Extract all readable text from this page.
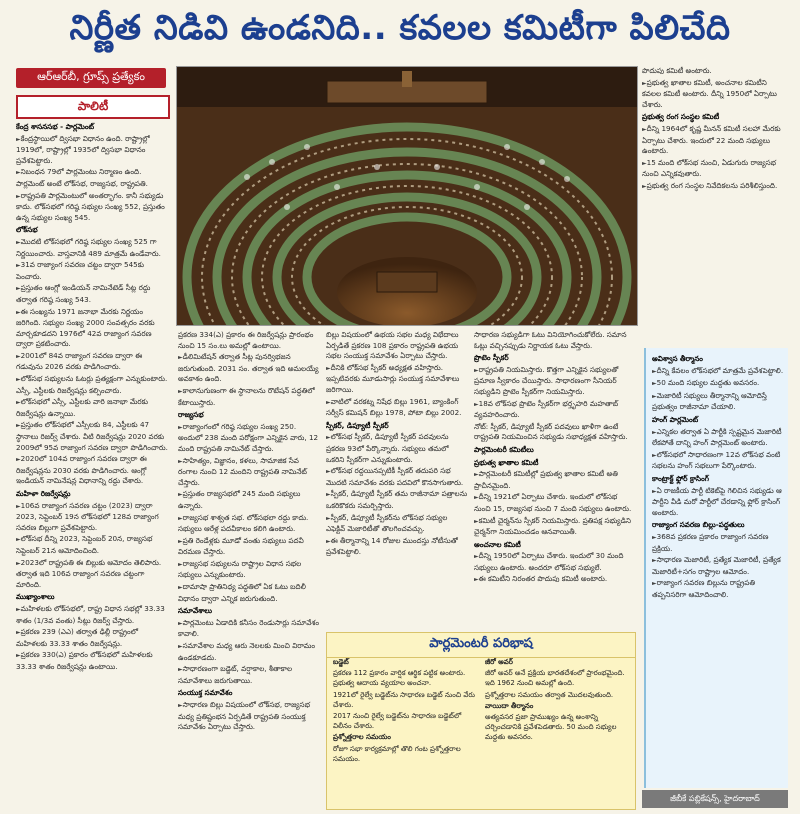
నిర్ణీత నిడివి ఉండనిది.. కవలల కమిటీగా పిలిచేది
ఆర్‌ఆర్‌బీ, గ్రూప్స్ ప్రత్యేకం
పాలిటీ

కేంద్ర శాసనసభ - పార్లమెంట్

► కేంద్రస్థాయిలో ద్విసభా విధానం ఉంది. రాష్ట్రాల్లో 1919లో, రాష్ట్రాల్లో 1935లో ద్విసభా విధానం ప్రవేశపెట్టారు.

► నిబంధన 79లో పార్లమెంటు నిర్మాణం ఉంది. పార్లమెంట్ అంటే లోక్‌సభ, రాజ్యసభ, రాష్ట్రపతి.

► రాష్ట్రపతి పార్లమెంటులో అంతర్భాగం. కానీ సభ్యుడు కాదు. లోక్‌సభలో గరిష్ఠ సభ్యుల సంఖ్య 552, ప్రస్తుతం ఉన్న సభ్యుల సంఖ్య 545.

లోక్‌సభ

► మొదటి లోక్‌సభలో గరిష్ఠ సభ్యుల సంఖ్య 525 గా నిర్ణయించారు. వాస్తవానికి 489 మాత్రమే ఉండేవారు.

► 31వ రాజ్యాంగ సవరణ చట్టం ద్వారా 545కు పెంచారు.

► ప్రస్తుతం ఆంగ్లో ఇండియన్ నామినేటెడ్ సీట్ల రద్దు తర్వాత గరిష్ఠ సంఖ్య 543.

► ఈ సంఖ్యను 1971 జనాభా మేరకు నిర్ణయం జరిగింది. సభ్యుల సంఖ్య 2000 సంవత్సరం వరకు మార్చకూడదని 1976లో 42వ రాజ్యాంగ సవరణ ద్వారా ప్రకటించారు.

► 2001లో 84వ రాజ్యాంగ సవరణ ద్వారా ఈ గడువును 2026 వరకు పొడిగించారు.

► లోక్‌సభ సభ్యులను ఓటర్లు ప్రత్యక్షంగా ఎన్నుకుంటారు. ఎస్సీ, ఎస్టీలకు రిజర్వేషన్లు కల్పించారు.

► లోక్‌సభలో ఎస్సీ, ఎస్టీలకు వారి జనాభా మేరకు రిజర్వేషన్లు ఉన్నాయి.

► ప్రస్తుతం లోక్‌సభలో ఎస్సీలకు 84, ఎస్టీలకు 47 స్థానాలు రిజర్వ్ చేశారు. వీటి రిజర్వేషన్లు 2020 వరకు 2009లో 95వ రాజ్యాంగ సవరణ ద్వారా పొడిగించారు.

► 2020లో 104వ రాజ్యాంగ సవరణ ద్వారా ఈ రిజర్వేషన్లను 2030 వరకు పొడిగించారు. ఆంగ్లో ఇండియన్ నామినేషన్ల విధానాన్ని రద్దు చేశారు.

మహిళా రిజర్వేషన్లు

► 106వ రాజ్యాంగ సవరణ చట్టం (2023) ద్వారా 2023, సెప్టెంబర్ 19న లోక్‌సభలో 128వ రాజ్యాంగ సవరణ బిల్లుగా ప్రవేశపెట్టారు.

► లోక్‌సభ దీన్ని 2023, సెప్టెంబర్ 20న, రాజ్యసభ సెప్టెంబర్ 21న ఆమోదించింది.

► 2023లో రాష్ట్రపతి ఈ బిల్లుకు ఆమోదం తెలిపారు. తర్వాత ఇది 106వ రాజ్యాంగ సవరణ చట్టంగా మారింది.

ముఖ్యాంశాలు

► మహిళలకు లోక్‌సభలో, రాష్ట్ర విధాన సభల్లో 33.33 శాతం (1/3వ వంతు) సీట్లు రిజర్వ్ చేస్తారు.

► ప్రకరణ 239 (ఎఎ) తర్వాత ఢిల్లీ రాష్ట్రంలో మహిళలకు 33.33 శాతం రిజర్వేషన్లు.

► ప్రకరణ 330(ఎ) ప్రకారం లోక్‌సభలో మహిళలకు 33.33 శాతం రిజర్వేషన్లు ఉంటాయి.

ప్రకరణ 334(ఎ) ప్రకారం ఈ రిజర్వేషన్లు ప్రారంభం నుంచి 15 సం.లు అమల్లో ఉంటాయి.

► డీలిమిటేషన్ తర్వాత సీట్ల పునర్విభజన జరుగుతుంది. 2031 సం. తర్వాత ఇది అమలయ్యే అవకాశం ఉంది.

► కాలానుగుణంగా ఈ స్థానాలను రొటేషన్ పద్ధతిలో కేటాయిస్తారు.

రాజ్యసభ

► రాజ్యాంగంలో గరిష్ఠ సభ్యుల సంఖ్య 250. అందులో 238 మంది పరోక్షంగా ఎన్నికైన వారు, 12 మంది రాష్ట్రపతి నామినేట్ చేస్తారు.

► సాహిత్యం, విజ్ఞానం, కళలు, సామాజిక సేవ రంగాల నుంచి 12 మందిని రాష్ట్రపతి నామినేట్ చేస్తారు.

► ప్రస్తుతం రాజ్యసభలో 245 మంది సభ్యులు ఉన్నారు.

► రాజ్యసభ శాశ్వత సభ. లోక్‌సభలా రద్దు కాదు. సభ్యులు ఆరేళ్ల పదవీకాలం కలిగి ఉంటారు.

► ప్రతి రెండేళ్లకు మూడో వంతు సభ్యులు పదవీ విరమణ చేస్తారు.

► రాజ్యసభ సభ్యులను రాష్ట్రాల విధాన సభల సభ్యులు ఎన్నుకుంటారు.

► దామాషా ప్రాతినిధ్య పద్ధతిలో ఏక ఓటు బదిలీ విధానం ద్వారా ఎన్నిక జరుగుతుంది.

సమావేశాలు

► పార్లమెంటు ఏడాదికి కనీసం రెండుసార్లు సమావేశం కావాలి.

► సమావేశాల మధ్య ఆరు నెలలకు మించి విరామం ఉండకూడదు.

► సాధారణంగా బడ్జెట్, వర్షాకాల, శీతాకాల సమావేశాలు జరుగుతాయి.

సంయుక్త సమావేశం

► సాధారణ బిల్లు విషయంలో లోక్‌సభ, రాజ్యసభ మధ్య ప్రతిష్టంభన ఏర్పడితే రాష్ట్రపతి సంయుక్త సమావేశం ఏర్పాటు చేస్తారు.

బిల్లు విషయంలో ఉభయ సభల మధ్య విభేదాలు ఏర్పడితే ప్రకరణ 108 ప్రకారం రాష్ట్రపతి ఉభయ సభల సంయుక్త సమావేశం ఏర్పాటు చేస్తారు.

► దీనికి లోక్‌సభ స్పీకర్ అధ్యక్షత వహిస్తారు. ఇప్పటివరకు మూడుసార్లు సంయుక్త సమావేశాలు జరిగాయి.

► వాటిలో వరకట్న నిషేధ బిల్లు 1961, బ్యాంకింగ్ సర్వీస్ కమిషన్ బిల్లు 1978, పోటా బిల్లు 2002.

స్పీకర్, డిప్యూటీ స్పీకర్

► లోక్‌సభ స్పీకర్, డిప్యూటీ స్పీకర్ పదవులను ప్రకరణ 93లో పేర్కొన్నారు. సభ్యులు తమలో ఒకరిని స్పీకర్‌గా ఎన్నుకుంటారు.

► లోక్‌సభ రద్దయినప్పటికీ స్పీకర్ తదుపరి సభ మొదటి సమావేశం వరకు పదవిలో కొనసాగుతారు.

► స్పీకర్, డిప్యూటీ స్పీకర్ తమ రాజీనామా పత్రాలను ఒకరికొకరు సమర్పిస్తారు.

► స్పీకర్, డిప్యూటీ స్పీకర్‌ను లోక్‌సభ సభ్యుల ఎఫెక్టివ్ మెజారిటీతో తొలగించవచ్చు.

► ఈ తీర్మానాన్ని 14 రోజుల ముందస్తు నోటీసుతో ప్రవేశపెట్టాలి.

సాధారణ సభ్యుడిగా ఓటు వినియోగించుకోలేరు. సమాన ఓట్లు వచ్చినప్పుడు నిర్ణాయక ఓటు వేస్తారు.

ప్రొటెం స్పీకర్

► రాష్ట్రపతి నియమిస్తారు. కొత్తగా ఎన్నికైన సభ్యులతో ప్రమాణ స్వీకారం చేయిస్తారు. సాధారణంగా సీనియర్ సభ్యుడిని ప్రొటెం స్పీకర్‌గా నియమిస్తారు.

► 18వ లోక్‌సభ ప్రొటెం స్పీకర్‌గా భర్తృహరి మహతాబ్ వ్యవహరించారు.

నోట్: స్పీకర్, డిప్యూటీ స్పీకర్ పదవులు ఖాళీగా ఉంటే రాష్ట్రపతి నియమించిన సభ్యుడు సభాధ్యక్షత వహిస్తారు.

పార్లమెంటరీ కమిటీలు

ప్రభుత్వ ఖాతాల కమిటీ

► పార్లమెంటరీ కమిటీల్లో ప్రభుత్వ ఖాతాల కమిటీ అతి ప్రాచీనమైంది.

► దీన్ని 1921లో ఏర్పాటు చేశారు. ఇందులో లోక్‌సభ నుంచి 15, రాజ్యసభ నుంచి 7 మంది సభ్యులు ఉంటారు.

► కమిటీ చైర్మన్‌ను స్పీకర్ నియమిస్తారు. ప్రతిపక్ష సభ్యుడిని చైర్మన్‌గా నియమించడం ఆనవాయితీ.

అంచనాల కమిటీ

► దీన్ని 1950లో ఏర్పాటు చేశారు. ఇందులో 30 మంది సభ్యులు ఉంటారు. అందరూ లోక్‌సభ సభ్యులే.

► ఈ కమిటీని నిరంతర పొదుపు కమిటీ అంటారు.

పొదుపు కమిటీ అంటారు.

► ప్రభుత్వ ఖాతాల కమిటీ, అంచనాల కమిటీని కవలల కమిటీ అంటారు. దీన్ని 1950లో ఏర్పాటు చేశారు.

ప్రభుత్వ రంగ సంస్థల కమిటీ

► దీన్ని 1964లో కృష్ణ మీనన్ కమిటీ సలహా మేరకు ఏర్పాటు చేశారు. ఇందులో 22 మంది సభ్యులు ఉంటారు.

► 15 మంది లోక్‌సభ నుంచి, ఏడుగురు రాజ్యసభ నుంచి ఎన్నికవుతారు.

► ప్రభుత్వ రంగ సంస్థల నివేదికలను పరిశీలిస్తుంది.

అవిశ్వాస తీర్మానం

► దీన్ని కేవలం లోక్‌సభలో మాత్రమే ప్రవేశపెట్టాలి.

► 50 మంది సభ్యుల మద్దతు అవసరం.

► మెజారిటీ సభ్యులు తీర్మానాన్ని ఆమోదిస్తే ప్రభుత్వం రాజీనామా చేయాలి.

హంగ్ పార్లమెంట్

► ఎన్నికల తర్వాత ఏ పార్టీకి స్పష్టమైన మెజారిటీ లేకపోతే దాన్ని హంగ్ పార్లమెంట్ అంటారు.

► లోక్‌సభలో సాధారణంగా 12వ లోక్‌సభ వంటి సభలను హంగ్ సభలుగా పేర్కొంటారు.

కాంట్రాక్ట్ ఫ్లోర్ క్రాసింగ్

► ఏ రాజకీయ పార్టీ టికెట్‌పై గెలిచిన సభ్యుడు ఆ పార్టీని వీడి మరో పార్టీలో చేరడాన్ని ఫ్లోర్ క్రాసింగ్ అంటారు.

రాజ్యాంగ సవరణ బిల్లు-పద్ధతులు

► 368వ ప్రకరణ ప్రకారం రాజ్యాంగ సవరణ ప్రక్రియ.

► సాధారణ మెజారిటీ, ప్రత్యేక మెజారిటీ, ప్రత్యేక మెజారిటీ+సగం రాష్ట్రాల ఆమోదం.

► రాజ్యాంగ సవరణ బిల్లును రాష్ట్రపతి తప్పనిసరిగా ఆమోదించాలి.

పార్లమెంటరీ పరిభాష

బడ్జెట్

ప్రకరణ 112 ప్రకారం వార్షిక ఆర్థిక పట్టిక అంటారు. ప్రభుత్వ ఆదాయ వ్యయాల అంచనా.

1921లో రైల్వే బడ్జెట్‌ను సాధారణ బడ్జెట్ నుంచి వేరు చేశారు.

2017 నుంచి రైల్వే బడ్జెట్‌ను సాధారణ బడ్జెట్‌లో విలీనం చేశారు.

ప్రశ్నోత్తరాల సమయం

రోజూ సభా కార్యక్రమాల్లో తొలి గంట ప్రశ్నోత్తరాల సమయం.

జీరో అవర్

జీరో అవర్ అనే ప్రక్రియ భారతదేశంలో ప్రారంభమైంది. ఇది 1962 నుంచి అమల్లో ఉంది.

ప్రశ్నోత్తరాల సమయం తర్వాత మొదలవుతుంది.

వాయిదా తీర్మానం

అత్యవసర ప్రజా ప్రాముఖ్యం ఉన్న అంశాన్ని చర్చించడానికి ప్రవేశపెడతారు. 50 మంది సభ్యుల మద్దతు అవసరం.

జీబీకే పబ్లికేషన్స్, హైదరాబాద్
